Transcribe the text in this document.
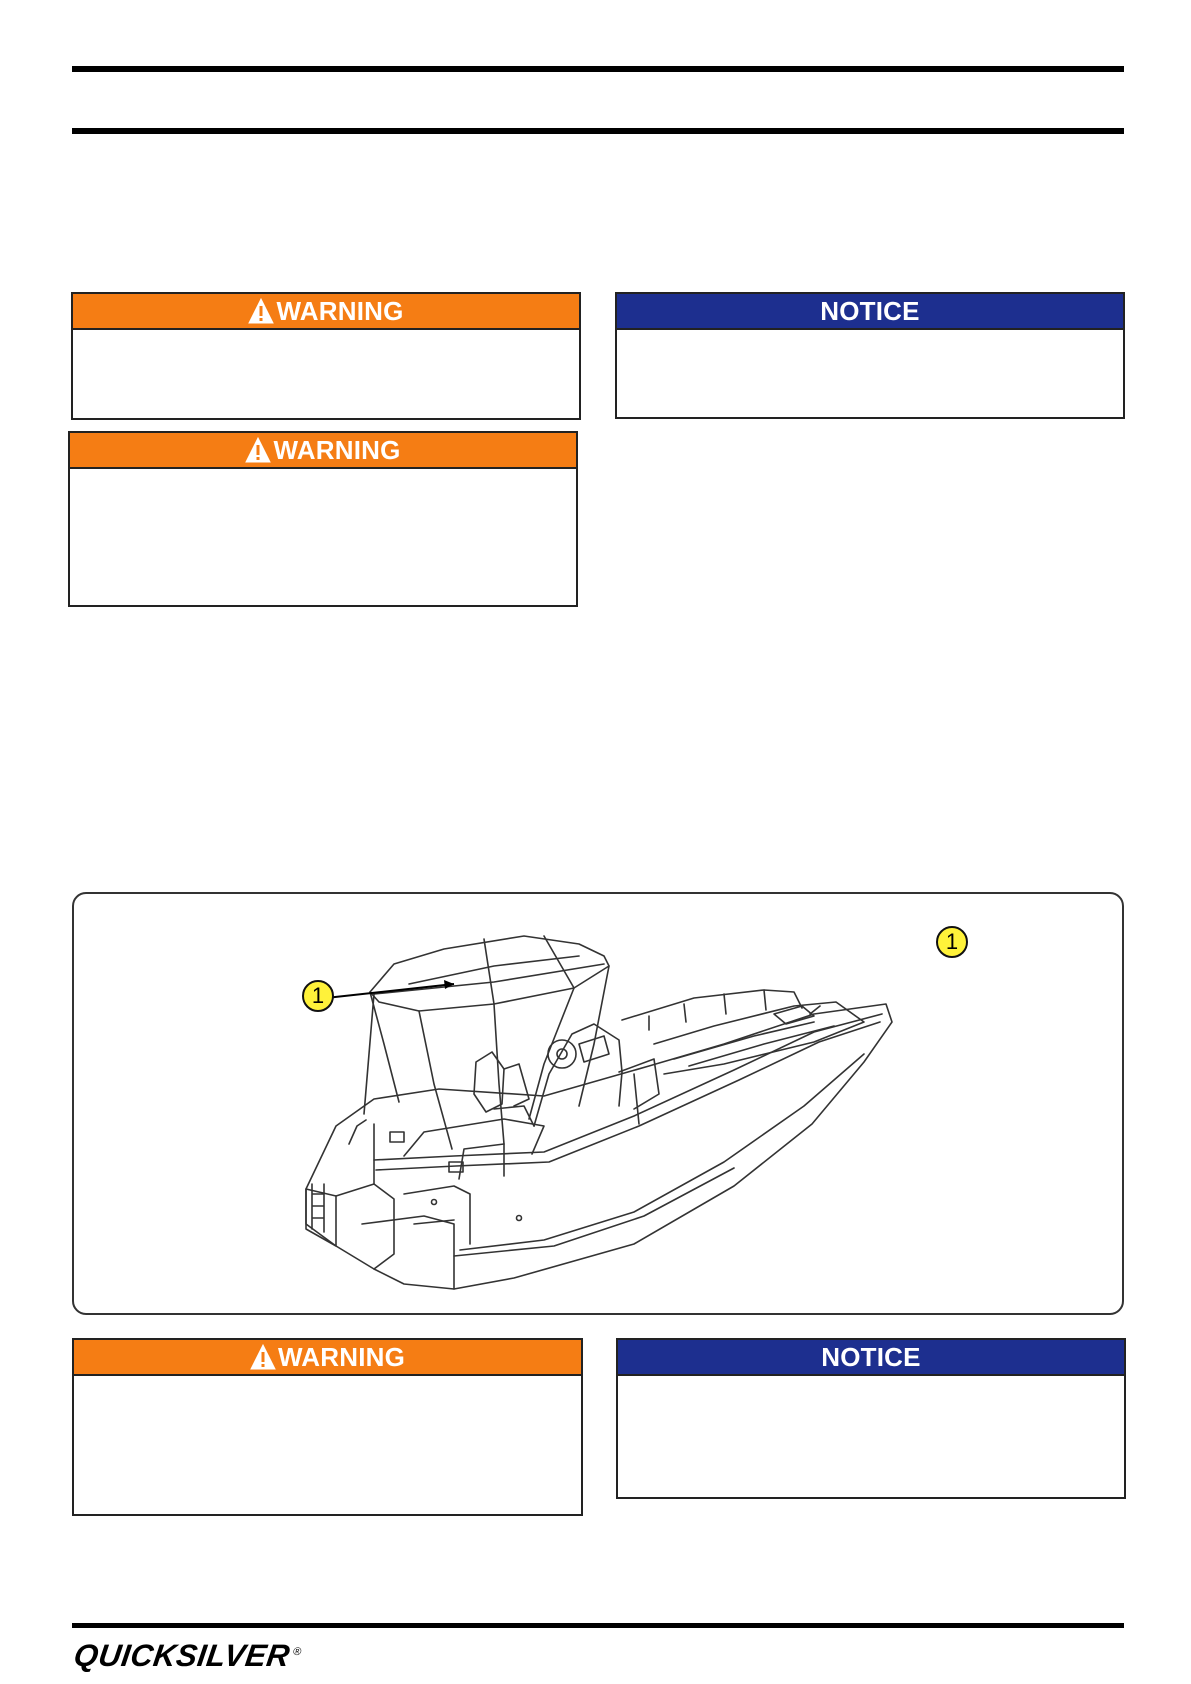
WARNING	NOTICE
WARNING
1
1
WARNING	NOTICE
QUICKSILVER®
